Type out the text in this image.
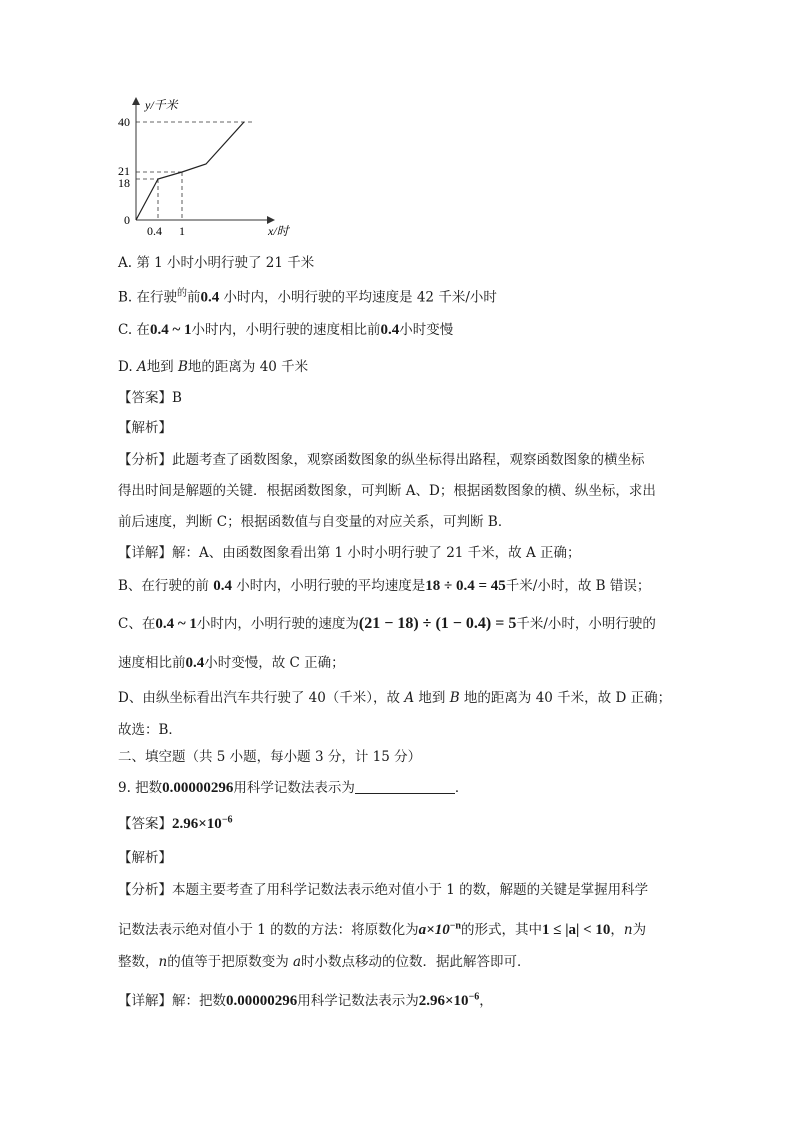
y/千米
x/时
40
21
18
0
0.4 1
A. 第 1 小时小明行驶了 21 千米
B. 在行驶$^的$前0.4 小时内，小明行驶的平均速度是 42 千米/小时
C. 在0.4 ~ 1小时内，小明行驶的速度相比前0.4小时变慢
D. A地到 B地的距离为 40 千米
【答案】B
【解析】
【分析】此题考查了函数图象，观察函数图象的纵坐标得出路程，观察函数图象的横坐标
得出时间是解题的关键．根据函数图象，可判断 A、D；根据函数图象的横、纵坐标，求出
前后速度，判断 C；根据函数值与自变量的对应关系，可判断 B．
【详解】解：A、由函数图象看出第 1 小时小明行驶了 21 千米，故 A 正确；
B、在行驶的前 0.4 小时内，小明行驶的平均速度是18 ÷ 0.4 = 45千米/小时，故 B 错误；
C、在0.4 ~ 1小时内，小明行驶的速度为(21 − 18) ÷ (1 − 0.4) = 5千米/小时，小明行驶的
速度相比前0.4小时变慢，故 C 正确；
D、由纵坐标看出汽车共行驶了 40（千米），故 A 地到 B 地的距离为 40 千米，故 D 正确；
故选：B．
二、填空题（共 5 小题，每小题 3 分，计 15 分）
9. 把数0.00000296用科学记数法表示为	．
【答案】$2.96\times 10^{-6}$
【解析】
【分析】本题主要考查了用科学记数法表示绝对值小于 1 的数，解题的关键是掌握用科学
记数法表示绝对值小于 1 的数的方法：将原数化为$a\times 10^{-n}$的形式，其中1 ≤ |a| < 10，n为
整数，n的值等于把原数变为 a时小数点移动的位数．据此解答即可．
【详解】解：把数0.00000296用科学记数法表示为$2.96\times 10^{-6}$，
